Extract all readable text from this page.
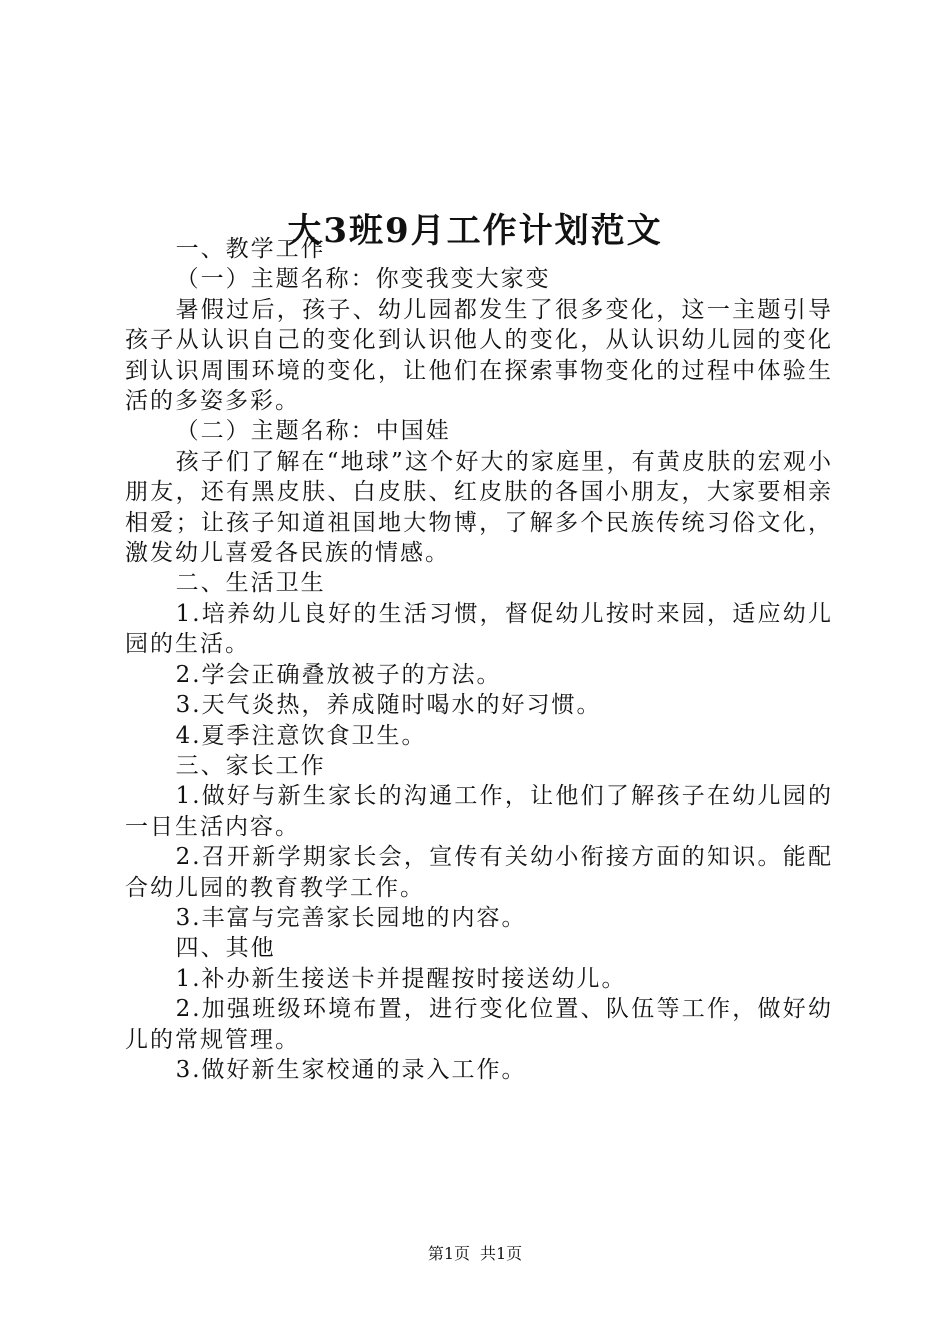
大3班9月工作计划范文

一、教学工作

（一）主题名称：你变我变大家变

暑假过后，孩子、幼儿园都发生了很多变化，这一主题引导孩子从认识自己的变化到认识他人的变化，从认识幼儿园的变化到认识周围环境的变化，让他们在探索事物变化的过程中体验生活的多姿多彩。

（二）主题名称：中国娃

孩子们了解在“地球”这个好大的家庭里，有黄皮肤的宏观小朋友，还有黑皮肤、白皮肤、红皮肤的各国小朋友，大家要相亲相爱；让孩子知道祖国地大物博，了解多个民族传统习俗文化，激发幼儿喜爱各民族的情感。

二、生活卫生

1.培养幼儿良好的生活习惯，督促幼儿按时来园，适应幼儿园的生活。

2.学会正确叠放被子的方法。

3.天气炎热，养成随时喝水的好习惯。

4.夏季注意饮食卫生。

三、家长工作

1.做好与新生家长的沟通工作，让他们了解孩子在幼儿园的一日生活内容。

2.召开新学期家长会，宣传有关幼小衔接方面的知识。能配合幼儿园的教育教学工作。

3.丰富与完善家长园地的内容。

四、其他

1.补办新生接送卡并提醒按时接送幼儿。

2.加强班级环境布置，进行变化位置、队伍等工作，做好幼儿的常规管理。

3.做好新生家校通的录入工作。

第1页 共1页
